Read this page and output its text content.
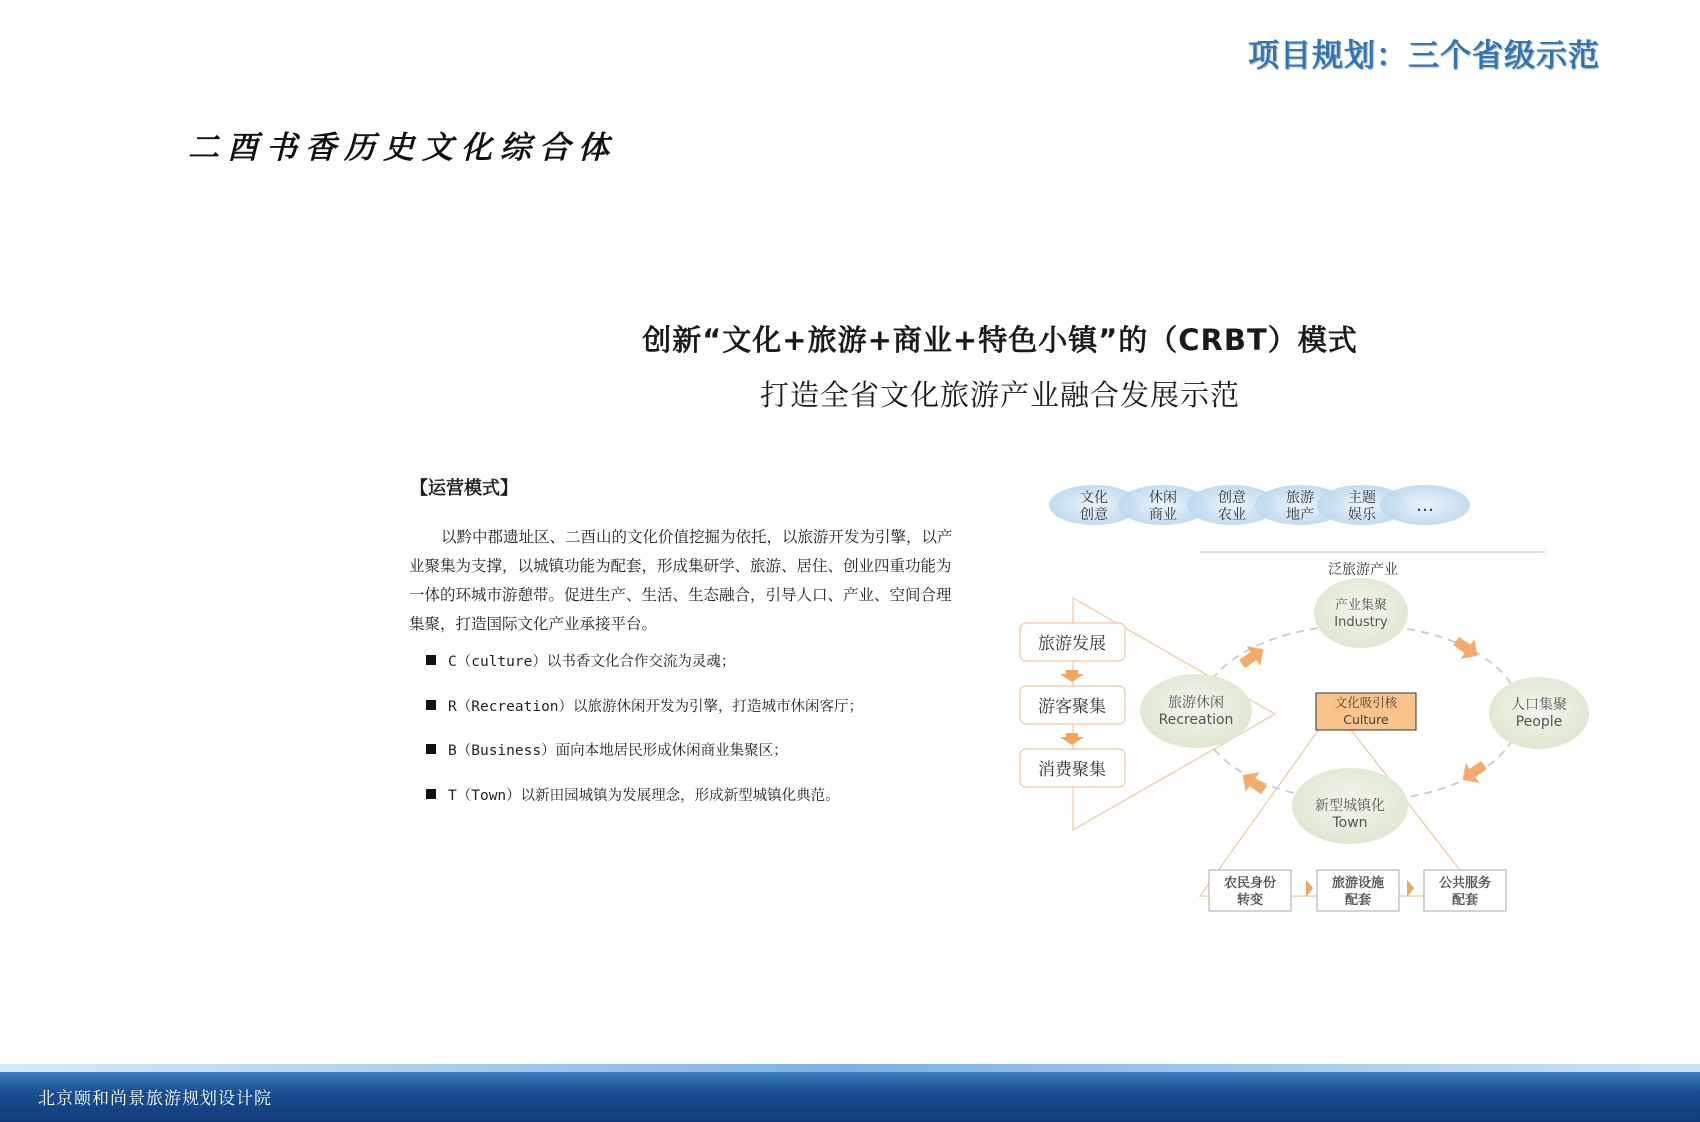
项目规划：三个省级示范
二酉书香历史文化综合体
创新“文化+旅游+商业+特色小镇”的（CRBT）模式
打造全省文化旅游产业融合发展示范
【运营模式】
以黔中郡遗址区、二酉山的文化价值挖掘为依托，以旅游开发为引擎，以产业聚集为支撑，以城镇功能为配套，形成集研学、旅游、居住、创业四重功能为一体的环城市游憩带。促进生产、生活、生态融合，引导人口、产业、空间合理集聚，打造国际文化产业承接平台。
C（culture）以书香文化合作交流为灵魂；
R（Recreation）以旅游休闲开发为引擎，打造城市休闲客厅；
B（Business）面向本地居民形成休闲商业集聚区；
T（Town）以新田园城镇为发展理念，形成新型城镇化典范。
文化创意
休闲商业
创意农业
旅游地产
主题娱乐 …
泛旅游产业
产业集聚
Industry
旅游休闲
Recreation
人口集聚
People
新型城镇化
Town
文化吸引核
Culture
旅游发展
游客聚集
消费聚集
农民身份转变
旅游设施配套
公共服务配套
北京颐和尚景旅游规划设计院
